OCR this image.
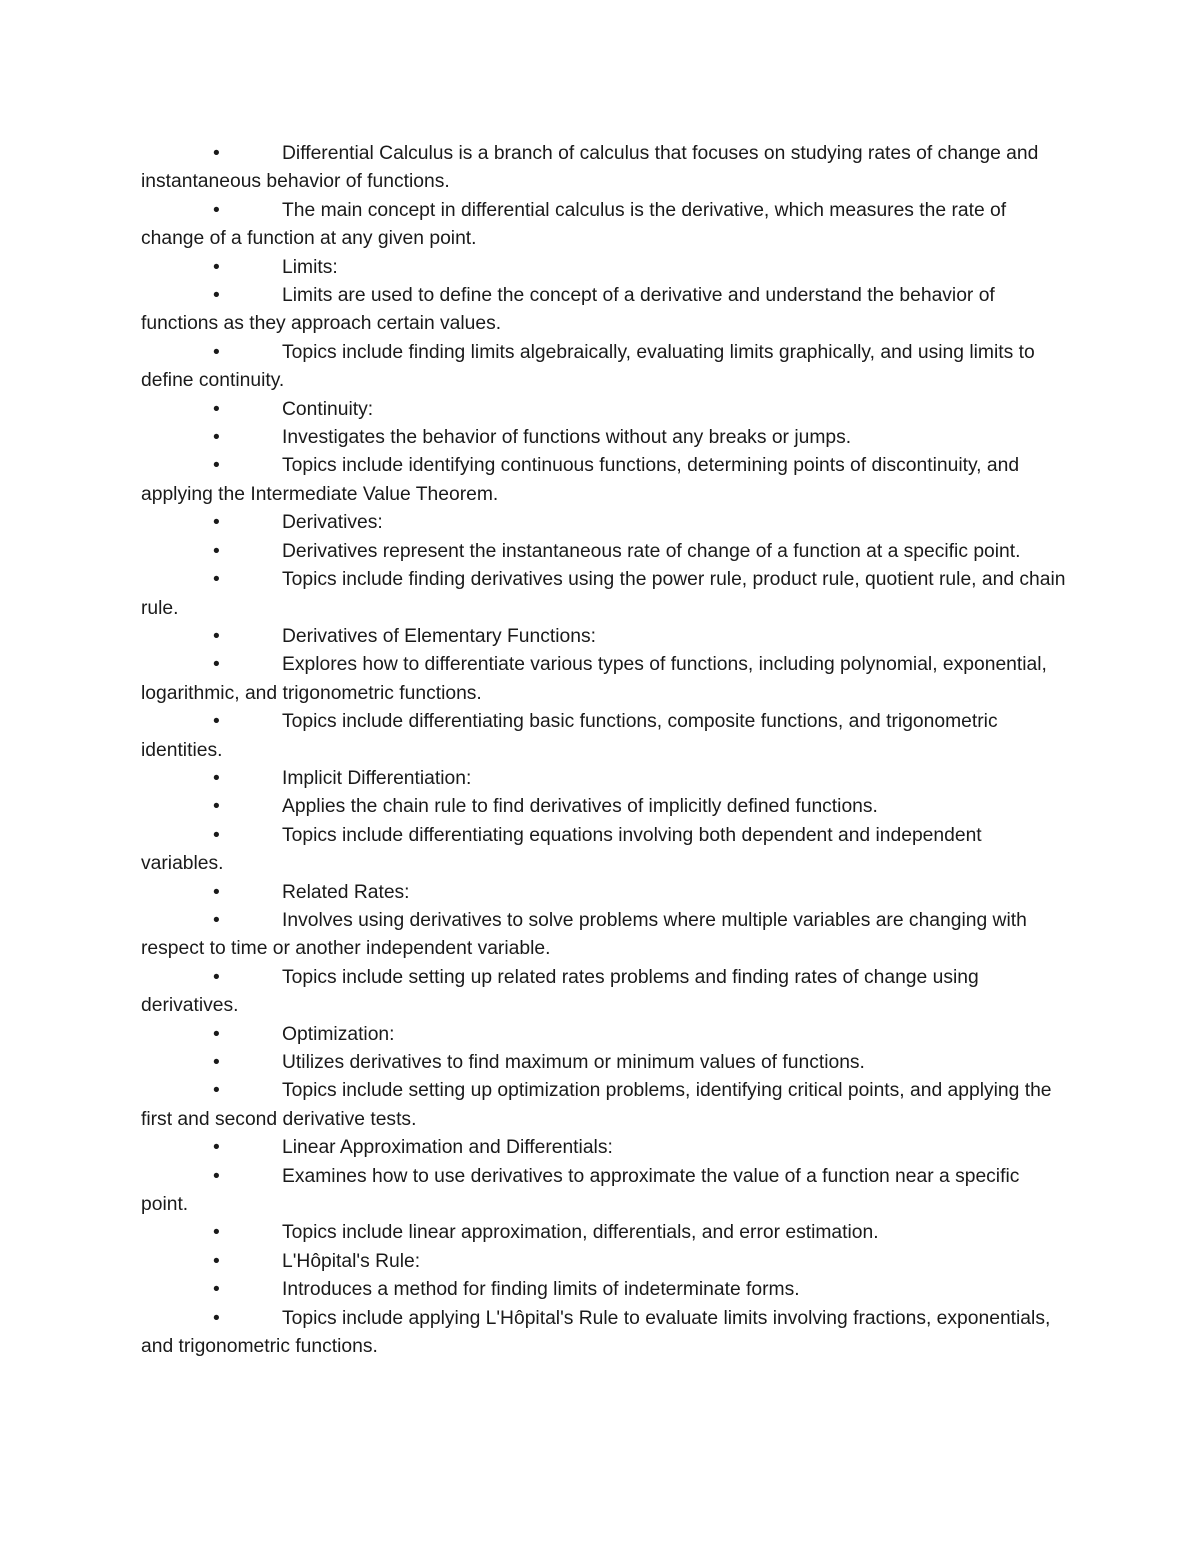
•	Differential Calculus is a branch of calculus that focuses on studying rates of change and instantaneous behavior of functions.

•	The main concept in differential calculus is the derivative, which measures the rate of change of a function at any given point.

•	Limits:

•	Limits are used to define the concept of a derivative and understand the behavior of functions as they approach certain values.

•	Topics include finding limits algebraically, evaluating limits graphically, and using limits to define continuity.

•	Continuity:

•	Investigates the behavior of functions without any breaks or jumps.

•	Topics include identifying continuous functions, determining points of discontinuity, and applying the Intermediate Value Theorem.

•	Derivatives:

•	Derivatives represent the instantaneous rate of change of a function at a specific point.

•	Topics include finding derivatives using the power rule, product rule, quotient rule, and chain rule.

•	Derivatives of Elementary Functions:

•	Explores how to differentiate various types of functions, including polynomial, exponential, logarithmic, and trigonometric functions.

•	Topics include differentiating basic functions, composite functions, and trigonometric identities.

•	Implicit Differentiation:

•	Applies the chain rule to find derivatives of implicitly defined functions.

•	Topics include differentiating equations involving both dependent and independent variables.

•	Related Rates:

•	Involves using derivatives to solve problems where multiple variables are changing with respect to time or another independent variable.

•	Topics include setting up related rates problems and finding rates of change using derivatives.

•	Optimization:

•	Utilizes derivatives to find maximum or minimum values of functions.

•	Topics include setting up optimization problems, identifying critical points, and applying the first and second derivative tests.

•	Linear Approximation and Differentials:

•	Examines how to use derivatives to approximate the value of a function near a specific point.

•	Topics include linear approximation, differentials, and error estimation.

•	L'Hôpital's Rule:

•	Introduces a method for finding limits of indeterminate forms.

•	Topics include applying L'Hôpital's Rule to evaluate limits involving fractions, exponentials, and trigonometric functions.
